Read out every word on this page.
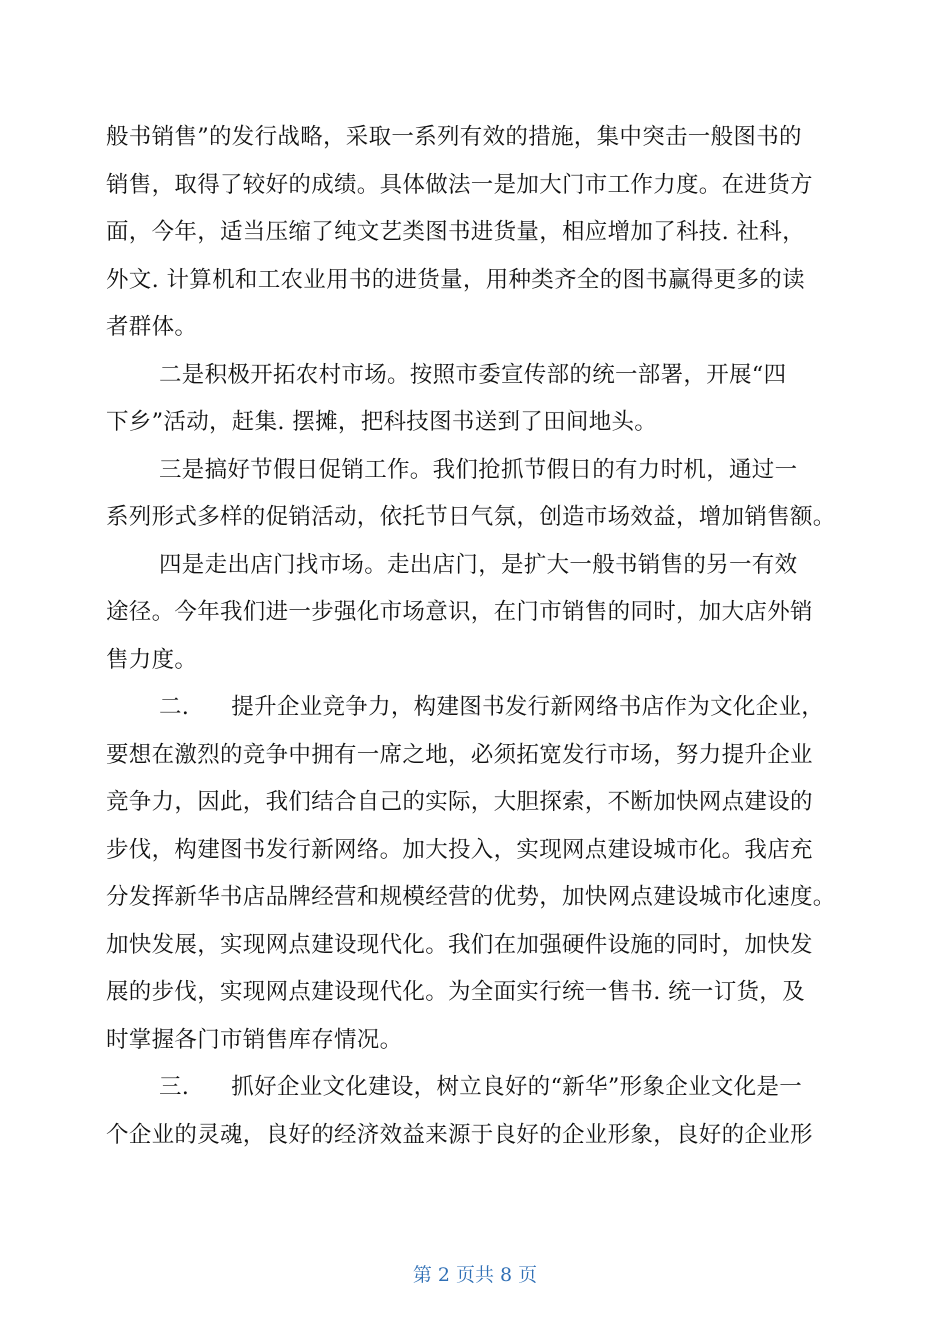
般书销售”的发行战略，采取一系列有效的措施，集中突击一般图书的
销售，取得了较好的成绩。具体做法一是加大门市工作力度。在进货方
面，今年，适当压缩了纯文艺类图书进货量，相应增加了科技. 社科，
外文. 计算机和工农业用书的进货量，用种类齐全的图书赢得更多的读
者群体。
二是积极开拓农村市场。按照市委宣传部的统一部署，开展“四
下乡”活动，赶集. 摆摊，把科技图书送到了田间地头。
三是搞好节假日促销工作。我们抢抓节假日的有力时机，通过一
系列形式多样的促销活动，依托节日气氛，创造市场效益，增加销售额。
四是走出店门找市场。走出店门，是扩大一般书销售的另一有效
途径。今年我们进一步强化市场意识，在门市销售的同时，加大店外销
售力度。
二. 提升企业竞争力，构建图书发行新网络书店作为文化企业，
要想在激烈的竞争中拥有一席之地，必须拓宽发行市场，努力提升企业
竞争力，因此，我们结合自己的实际，大胆探索，不断加快网点建设的
步伐，构建图书发行新网络。加大投入，实现网点建设城市化。我店充
分发挥新华书店品牌经营和规模经营的优势，加快网点建设城市化速度。
加快发展，实现网点建设现代化。我们在加强硬件设施的同时，加快发
展的步伐，实现网点建设现代化。为全面实行统一售书. 统一订货，及
时掌握各门市销售库存情况。
三. 抓好企业文化建设，树立良好的“新华”形象企业文化是一
个企业的灵魂，良好的经济效益来源于良好的企业形象，良好的企业形
第 2 页共 8 页
